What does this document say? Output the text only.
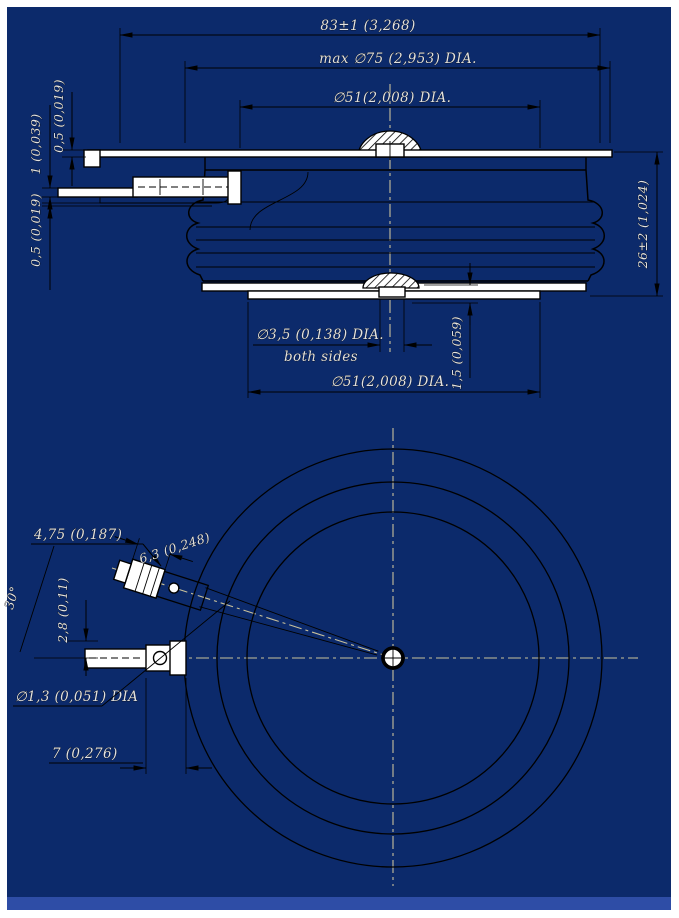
83±1 (3,268)
max ∅75 (2,953) DIA.
∅51(2,008) DIA.
0,5 (0,019)
1 (0,039)
0,5 (0,019)	26±2 (1,024)
∅3,5 (0,138) DIA.
both sides	1,5 (0,059)
∅51(2,008) DIA.
4,75 (0,187) 6,3 (0,248)
2,8 (0,11)
30°
∅1,3 (0,051) DIA
7 (0,276)
